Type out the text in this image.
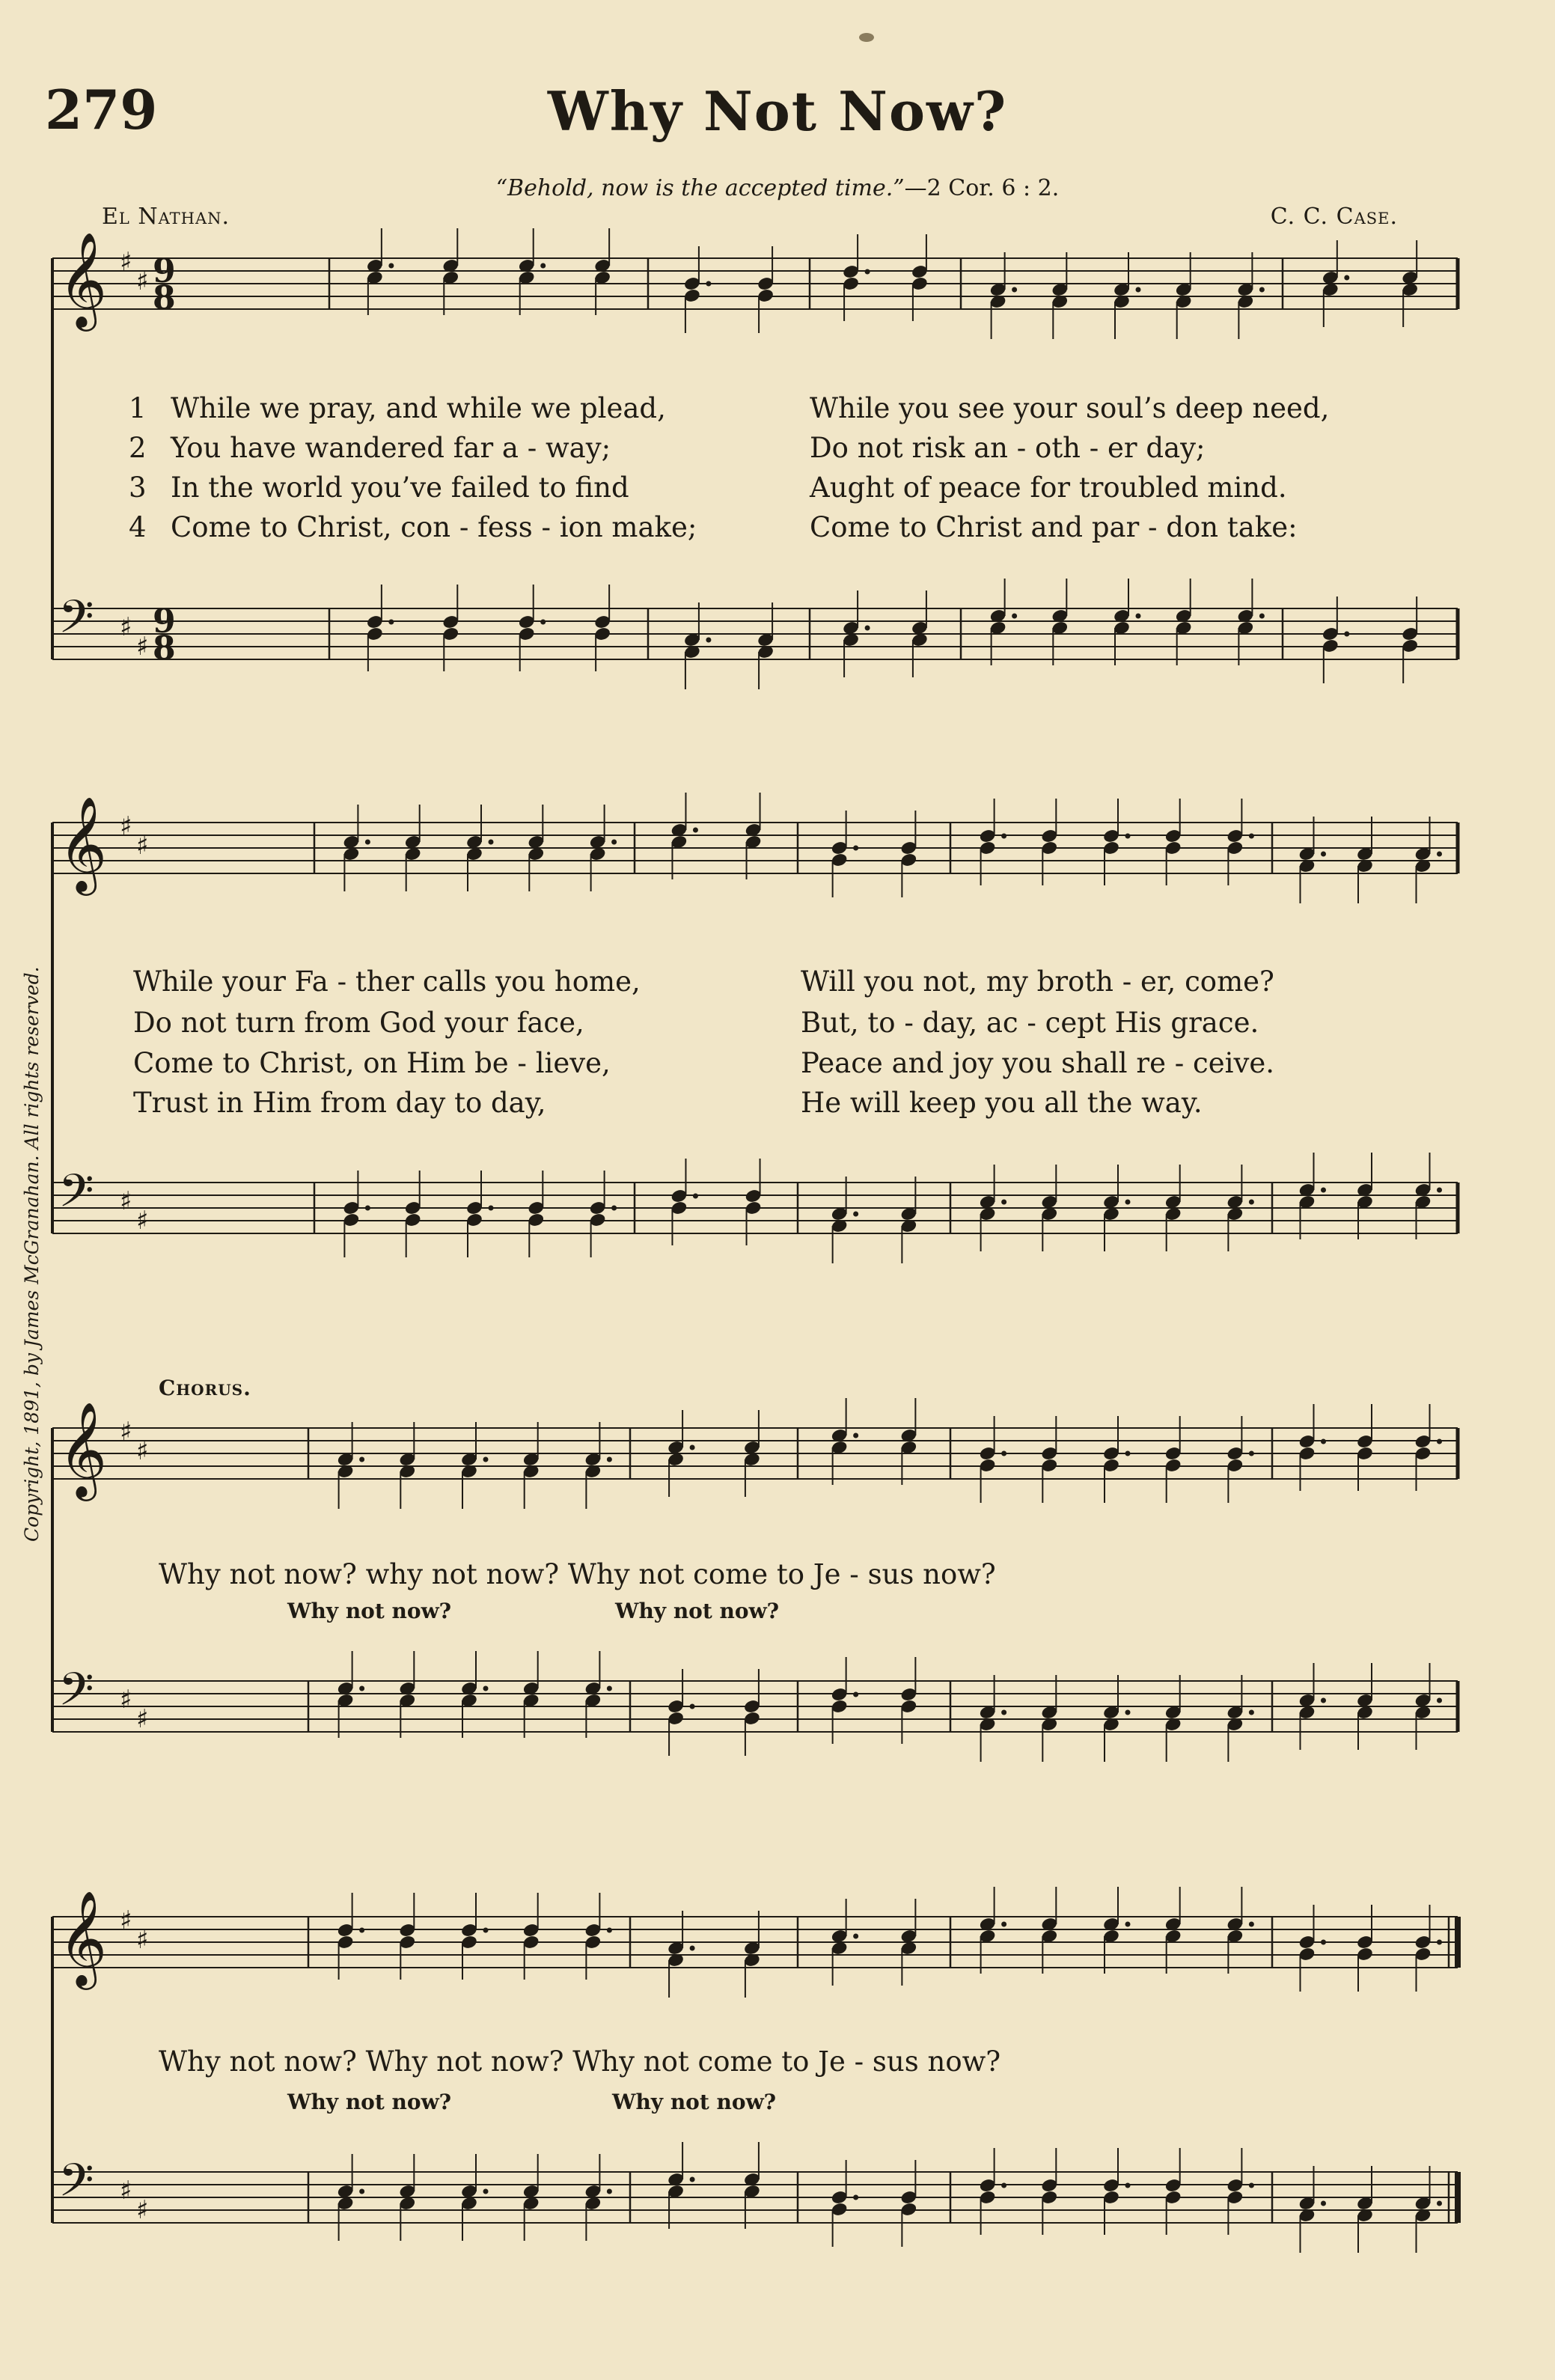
279	Why Not Now?
“Behold, now is the accepted time.”—2 Cor. 6 : 2.
El Nathan.	C. C. Case.
Copyright, 1891, by James McGranahan. All rights reserved.
𝄞 ♯
♯ 9
8
𝄢 ♯
♯
9
8
𝄞 ♯
♯
𝄢 ♯
♯
𝄞 ♯
♯
𝄢 ♯
♯
𝄞 ♯
♯
𝄢 ♯
♯
1 While we pray, and while we plead,	While you see your soul’s deep need,
2 You have wandered far a - way;	Do not risk an - oth - er day;
3 In the world you’ve failed to find	Aught of peace for troubled mind.
4 Come to Christ, con - fess - ion make;	Come to Christ and par - don take:
While your Fa - ther calls you home,	Will you not, my broth - er, come?
Do not turn from God your face,	But, to - day, ac - cept His grace.
Come to Christ, on Him be - lieve,	Peace and joy you shall re - ceive.
Trust in Him from day to day,	He will keep you all the way.
Chorus.
Why not now? why not now? Why not come to Je - sus now?
Why not now?	Why not now?
Why not now? Why not now? Why not come to Je - sus now?
Why not now?	Why not now?
